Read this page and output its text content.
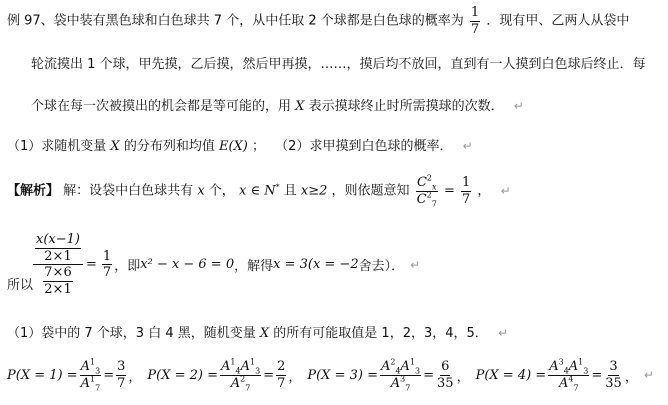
例 97、袋中装有黑色球和白色球共 7 个，从中任取 2 个球都是白色球的概率为 $\frac{1}{7}$ ．现有甲、乙两人从袋中
轮流摸出 1 个球，甲先摸，乙后摸，然后甲再摸，……，摸后均不放回，直到有一人摸到白色球后终止．每
个球在每一次被摸出的机会都是等可能的，用 X 表示摸球终止时所需摸球的次数． ↵
（1）求随机变量 X 的分布列和均值 E(X) ； （2）求甲摸到白色球的概率． ↵
【解析】 解：设袋中白色球共有 x 个， x ∈ N* 且 x≥2 ，则依题意知 $\frac{C^2_x}{C^2_7} = \frac{1}{7}$ ， ↵
所以 $\frac{\frac{x(x-1)}{2\times 1}}{\frac{7\times 6}{2\times 1}} = \frac{1}{7}$ ，即 x² − x − 6 = 0 ，解得 x = 3(x = −2 舍去）． ↵
（1）袋中的 7 个球，3 白 4 黑，随机变量 X 的所有可能取值是 1，2，3，4，5． ↵
$P(X = 1) = \frac{A^1_3}{A^1_7} = \frac{3}{7}$ ， $P(X = 2) = \frac{A^1_4A^1_3}{A^2_7} = \frac{2}{7}$ ， $P(X = 3) = \frac{A^2_4A^1_3}{A^3_7} = \frac{6}{35}$ ， $P(X = 4) = \frac{A^3_4A^1_3}{A^4_7} = \frac{3}{35}$ ， ↵
